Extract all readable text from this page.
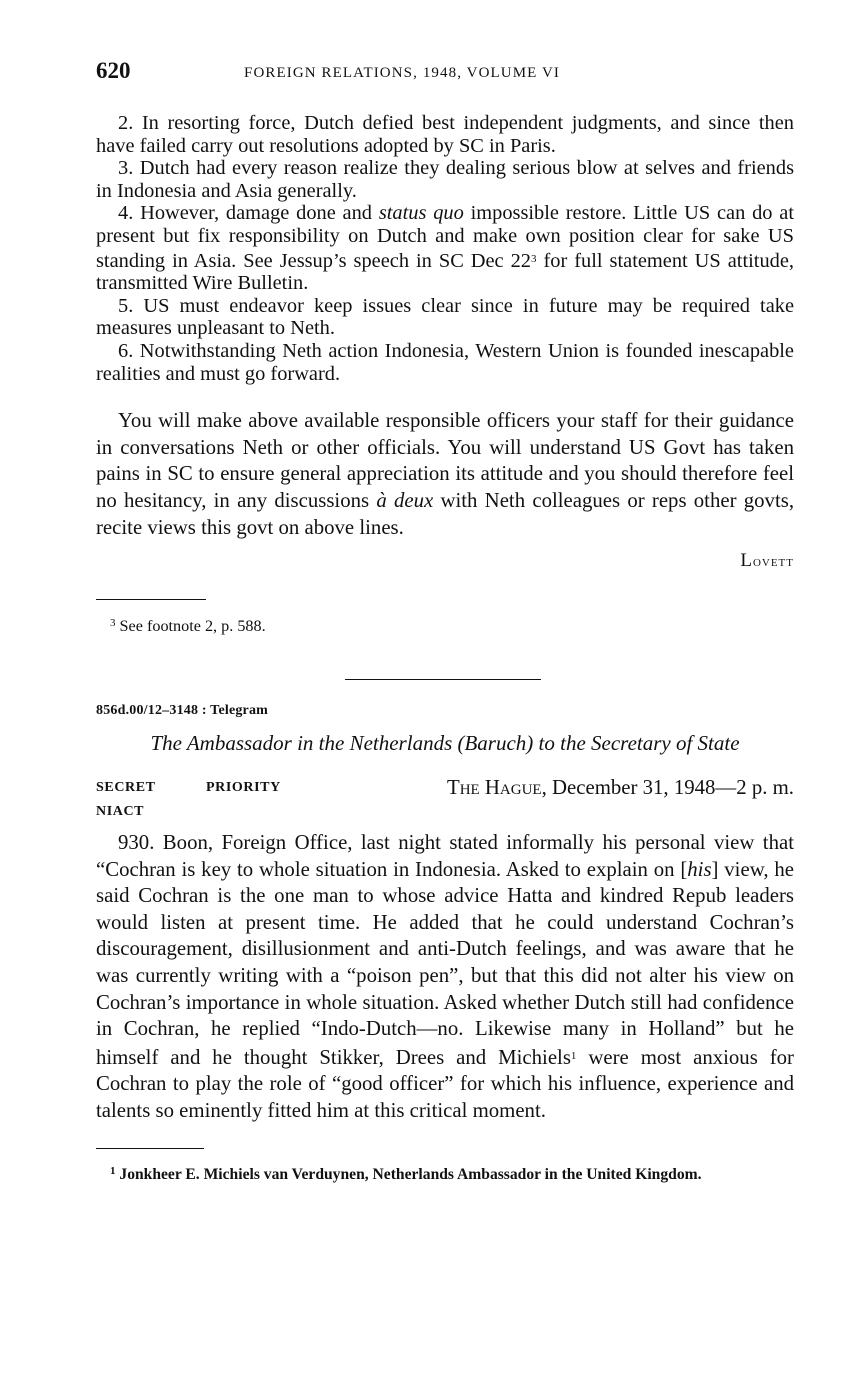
620	FOREIGN RELATIONS, 1948, VOLUME VI

2. In resorting force, Dutch defied best independent judgments, and since then have failed carry out resolutions adopted by SC in Paris.

3. Dutch had every reason realize they dealing serious blow at selves and friends in Indonesia and Asia generally.

4. However, damage done and status quo impossible restore. Little US can do at present but fix responsibility on Dutch and make own position clear for sake US standing in Asia. See Jessup’s speech in SC Dec 22$^3$ for full statement US attitude, transmitted Wire Bulletin.

5. US must endeavor keep issues clear since in future may be required take measures unpleasant to Neth.

6. Notwithstanding Neth action Indonesia, Western Union is founded inescapable realities and must go forward.

You will make above available responsible officers your staff for their guidance in conversations Neth or other officials. You will understand US Govt has taken pains in SC to ensure general appreciation its attitude and you should therefore feel no hesitancy, in any discussions à deux with Neth colleagues or reps other govts, recite views this govt on above lines.

Lovett
$^3$ See footnote 2, p. 588.
856d.00/12–3148 : Telegram
The Ambassador in the Netherlands (Baruch) to the Secretary of State
SECRET	PRIORITY
NIACT
The Hague, December 31, 1948—2 p. m.

930. Boon, Foreign Office, last night stated informally his personal view that “Cochran is key to whole situation in Indonesia. Asked to explain on [his] view, he said Cochran is the one man to whose advice Hatta and kindred Repub leaders would listen at present time. He added that he could understand Cochran’s discouragement, disillusionment and anti-Dutch feelings, and was aware that he was currently writing with a “poison pen”, but that this did not alter his view on Cochran’s importance in whole situation. Asked whether Dutch still had confidence in Cochran, he replied “Indo-Dutch—no. Likewise many in Holland” but he himself and he thought Stikker, Drees and Michiels$^1$ were most anxious for Cochran to play the role of “good officer” for which his influence, experience and talents so eminently fitted him at this critical moment.

$^1$ Jonkheer E. Michiels van Verduynen, Netherlands Ambassador in the United Kingdom.
